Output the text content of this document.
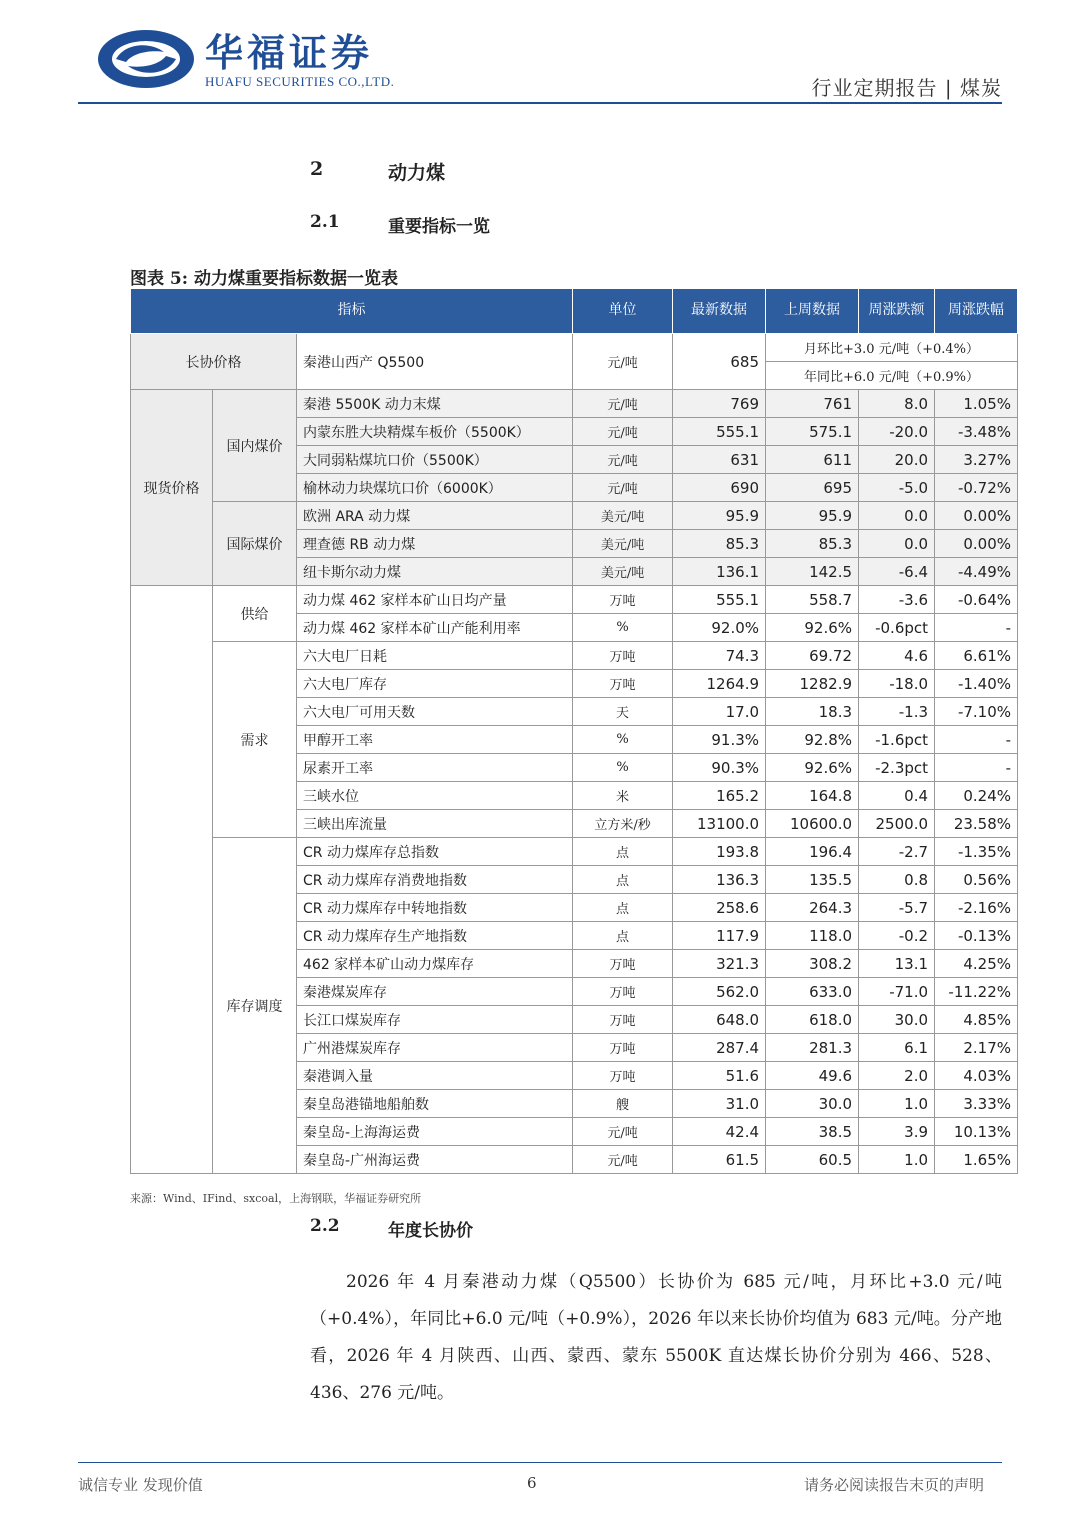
华福证券
HUAFU SECURITIES CO.,LTD.	行业定期报告 | 煤炭
2	动力煤
2.1	重要指标一览
图表 5: 动力煤重要指标数据一览表
指标			单位	最新数据	上周数据	周涨跌额	周涨跌幅
长协价格		秦港山西产 Q5500	元/吨	685	月环比+3.0 元/吨（+0.4%）		
					年同比+6.0 元/吨（+0.9%）		
现货价格	国内煤价	秦港 5500K 动力末煤	元/吨	769	761	8.0	1.05%
		内蒙东胜大块精煤车板价（5500K）	元/吨	555.1	575.1	-20.0	-3.48%
		大同弱粘煤坑口价（5500K）	元/吨	631	611	20.0	3.27%
		榆林动力块煤坑口价（6000K）	元/吨	690	695	-5.0	-0.72%
	国际煤价	欧洲 ARA 动力煤	美元/吨	95.9	95.9	0.0	0.00%
		理查德 RB 动力煤	美元/吨	85.3	85.3	0.0	0.00%
		纽卡斯尔动力煤	美元/吨	136.1	142.5	-6.4	-4.49%
	供给	动力煤 462 家样本矿山日均产量	万吨	555.1	558.7	-3.6	-0.64%
		动力煤 462 家样本矿山产能利用率	%	92.0%	92.6%	-0.6pct	-
	需求	六大电厂日耗	万吨	74.3	69.72	4.6	6.61%
		六大电厂库存	万吨	1264.9	1282.9	-18.0	-1.40%
		六大电厂可用天数	天	17.0	18.3	-1.3	-7.10%
		甲醇开工率	%	91.3%	92.8%	-1.6pct	-
		尿素开工率	%	90.3%	92.6%	-2.3pct	-
		三峡水位	米	165.2	164.8	0.4	0.24%
		三峡出库流量	立方米/秒	13100.0	10600.0	2500.0	23.58%
	库存调度	CR 动力煤库存总指数	点	193.8	196.4	-2.7	-1.35%
		CR 动力煤库存消费地指数	点	136.3	135.5	0.8	0.56%
		CR 动力煤库存中转地指数	点	258.6	264.3	-5.7	-2.16%
		CR 动力煤库存生产地指数	点	117.9	118.0	-0.2	-0.13%
		462 家样本矿山动力煤库存	万吨	321.3	308.2	13.1	4.25%
		秦港煤炭库存	万吨	562.0	633.0	-71.0	-11.22%
		长江口煤炭库存	万吨	648.0	618.0	30.0	4.85%
		广州港煤炭库存	万吨	287.4	281.3	6.1	2.17%
		秦港调入量	万吨	51.6	49.6	2.0	4.03%
		秦皇岛港锚地船舶数	艘	31.0	30.0	1.0	3.33%
		秦皇岛-上海海运费	元/吨	42.4	38.5	3.9	10.13%
		秦皇岛-广州海运费	元/吨	61.5	60.5	1.0	1.65%
来源：Wind、IFind、sxcoal，上海钢联，华福证券研究所
2.2	年度长协价
2026 年 4 月秦港动力煤（Q5500）长协价为 685 元/吨，月环比+3.0 元/吨（+0.4%），年同比+6.0 元/吨（+0.9%），2026 年以来长协价均值为 683 元/吨。分产地看，2026 年 4 月陕西、山西、蒙西、蒙东 5500K 直达煤长协价分别为 466、528、436、276 元/吨。
诚信专业 发现价值	6	请务必阅读报告末页的声明
